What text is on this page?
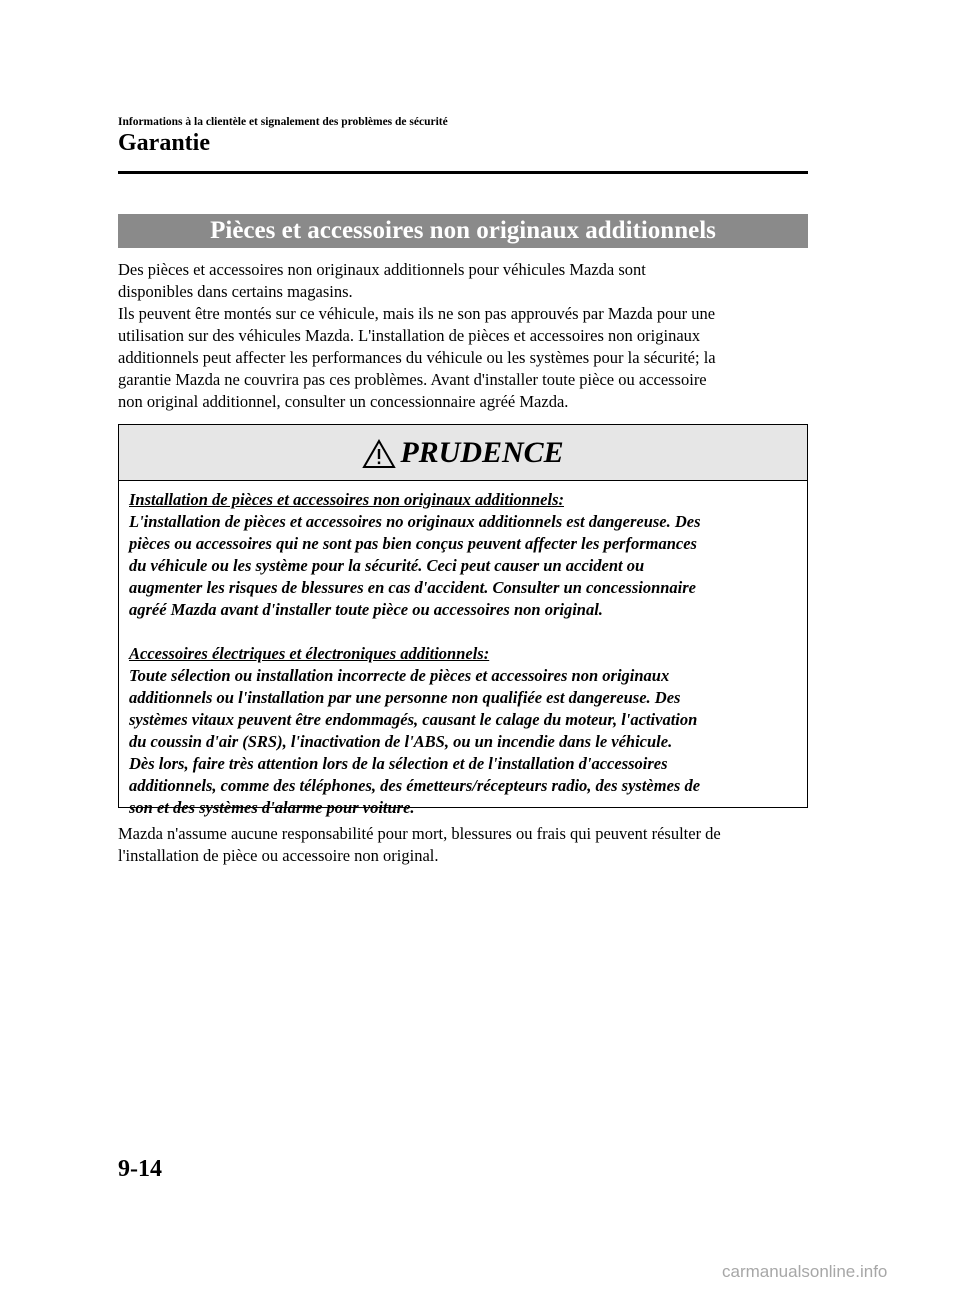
Informations à la clientèle et signalement des problèmes de sécurité
Garantie
Pièces et accessoires non originaux additionnels

Des pièces et accessoires non originaux additionnels pour véhicules Mazda sont

disponibles dans certains magasins.

Ils peuvent être montés sur ce véhicule, mais ils ne son pas approuvés par Mazda pour une

utilisation sur des véhicules Mazda. L'installation de pièces et accessoires non originaux

additionnels peut affecter les performances du véhicule ou les systèmes pour la sécurité; la

garantie Mazda ne couvrira pas ces problèmes. Avant d'installer toute pièce ou accessoire

non original additionnel, consulter un concessionnaire agréé Mazda.

PRUDENCE

Installation de pièces et accessoires non originaux additionnels:

L'installation de pièces et accessoires no originaux additionnels est dangereuse. Des

pièces ou accessoires qui ne sont pas bien conçus peuvent affecter les performances

du véhicule ou les système pour la sécurité. Ceci peut causer un accident ou

augmenter les risques de blessures en cas d'accident. Consulter un concessionnaire

agréé Mazda avant d'installer toute pièce ou accessoires non original.

Accessoires électriques et électroniques additionnels:

Toute sélection ou installation incorrecte de pièces et accessoires non originaux

additionnels ou l'installation par une personne non qualifiée est dangereuse. Des

systèmes vitaux peuvent être endommagés, causant le calage du moteur, l'activation

du coussin d'air (SRS), l'inactivation de l'ABS, ou un incendie dans le véhicule.

Dès lors, faire très attention lors de la sélection et de l'installation d'accessoires

additionnels, comme des téléphones, des émetteurs/récepteurs radio, des systèmes de

son et des systèmes d'alarme pour voiture.

Mazda n'assume aucune responsabilité pour mort, blessures ou frais qui peuvent résulter de

l'installation de pièce ou accessoire non original.

9-14
carmanualsonline.info
